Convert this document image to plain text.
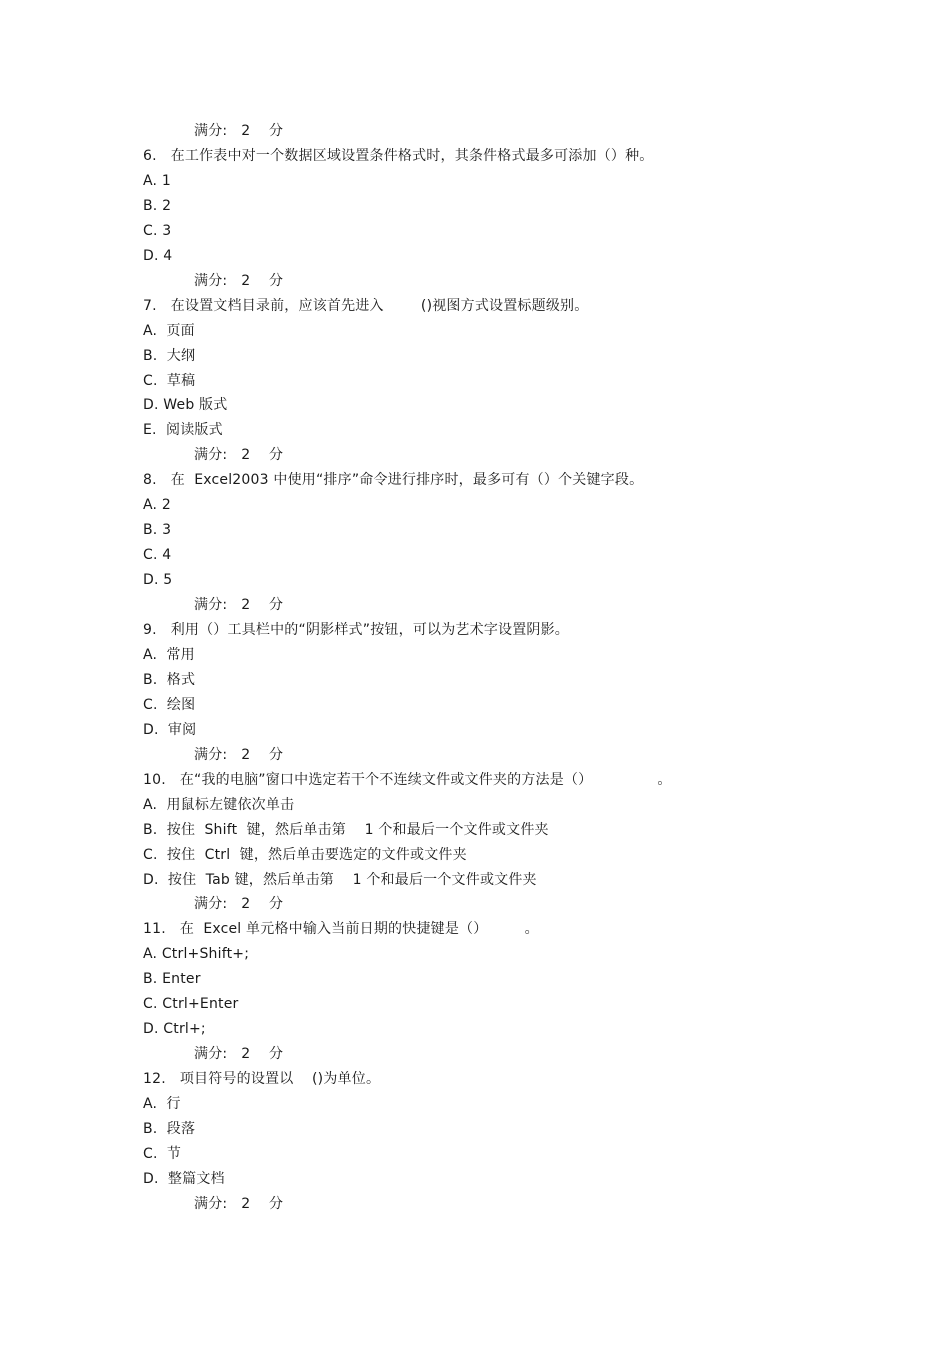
满分:   2    分
6.   在工作表中对一个数据区域设置条件格式时，其条件格式最多可添加（）种。
A. 1
B. 2
C. 3
D. 4
满分:   2    分
7.   在设置文档目录前，应该首先进入        ()视图方式设置标题级别。
A.  页面
B.  大纲
C.  草稿
D. Web 版式
E.  阅读版式
满分:   2    分
8.   在  Excel2003 中使用“排序”命令进行排序时，最多可有（）个关键字段。
A. 2
B. 3
C. 4
D. 5
满分:   2    分
9.   利用（）工具栏中的“阴影样式”按钮，可以为艺术字设置阴影。
A.  常用
B.  格式
C.  绘图
D.  审阅
满分:   2    分
10.   在“我的电脑”窗口中选定若干个不连续文件或文件夹的方法是（）              。
A.  用鼠标左键依次单击
B.  按住  Shift  键，然后单击第    1 个和最后一个文件或文件夹
C.  按住  Ctrl  键，然后单击要选定的文件或文件夹
D.  按住  Tab 键，然后单击第    1 个和最后一个文件或文件夹
满分:   2    分
11.   在  Excel 单元格中输入当前日期的快捷键是（）        。
A. Ctrl+Shift+;
B. Enter
C. Ctrl+Enter
D. Ctrl+;
满分:   2    分
12.   项目符号的设置以    ()为单位。
A.  行
B.  段落
C.  节
D.  整篇文档
满分:   2    分
